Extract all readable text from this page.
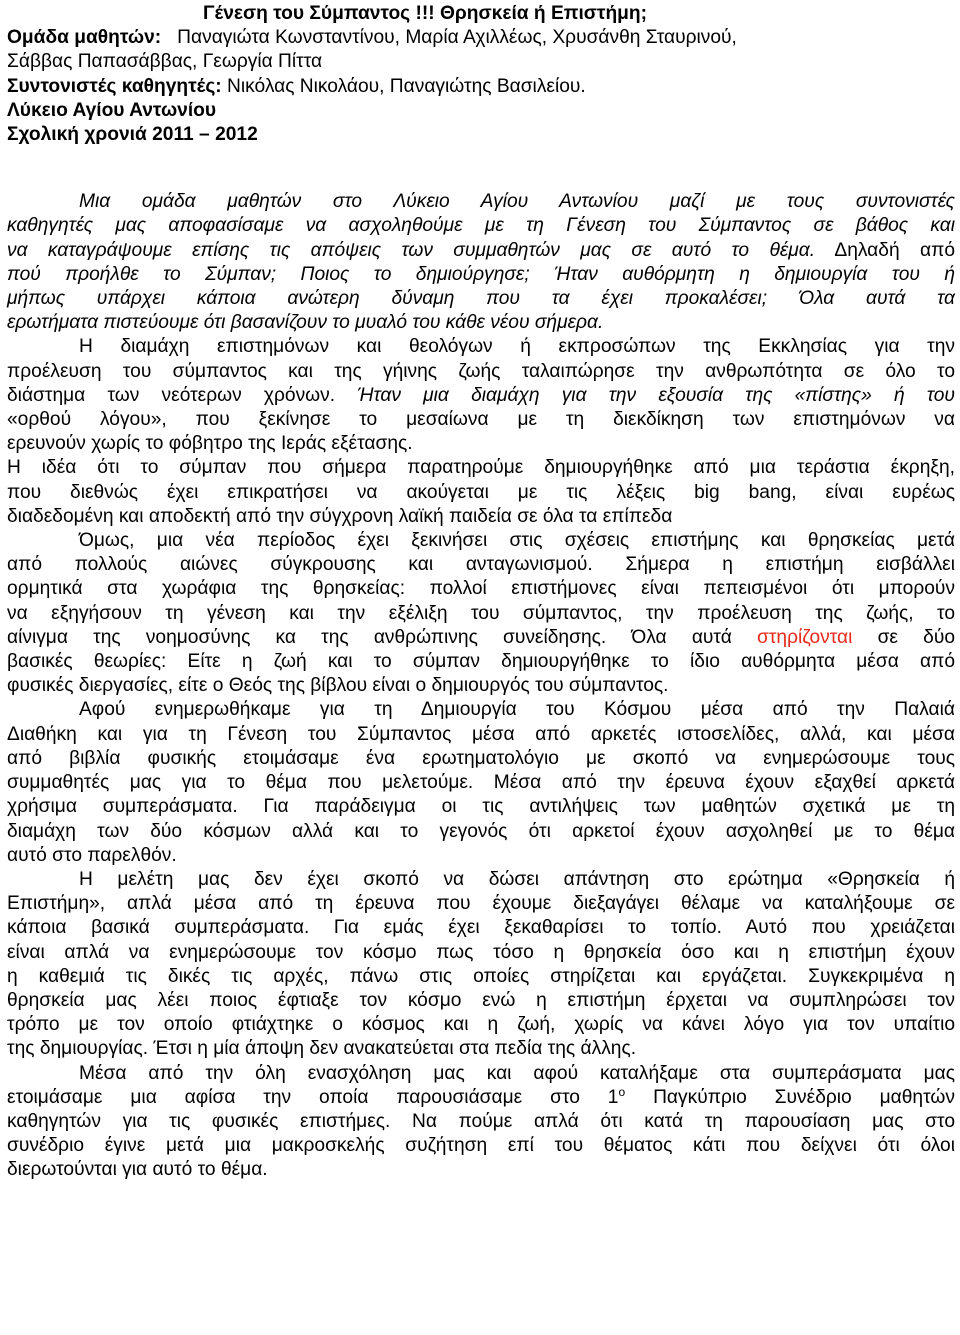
Γένεση του Σύμπαντος !!! Θρησκεία ή Επιστήμη;

Ομάδα μαθητών: Παναγιώτα Κωνσταντίνου, Μαρία Αχιλλέως, Χρυσάνθη Σταυρινού,

Σάββας Παπασάββας, Γεωργία Πίττα

Συντονιστές καθηγητές: Νικόλας Νικολάου, Παναγιώτης Βασιλείου.

Λύκειο Αγίου Αντωνίου

Σχολική χρονιά 2011 – 2012

Μια ομάδα μαθητών στο Λύκειο Αγίου Αντωνίου μαζί με τους συντονιστές

καθηγητές μας αποφασίσαμε να ασχοληθούμε με τη Γένεση του Σύμπαντος σε βάθος και

να καταγράψουμε επίσης τις απόψεις των συμμαθητών μας σε αυτό το θέμα. Δηλαδή από

πού προήλθε το Σύμπαν; Ποιος το δημιούργησε; Ήταν αυθόρμητη η δημιουργία του ή

μήπως υπάρχει κάποια ανώτερη δύναμη που τα έχει προκαλέσει; Όλα αυτά τα

ερωτήματα πιστεύουμε ότι βασανίζουν το μυαλό του κάθε νέου σήμερα.

Η διαμάχη επιστημόνων και θεολόγων ή εκπροσώπων της Εκκλησίας για την

προέλευση του σύμπαντος και της γήινης ζωής ταλαιπώρησε την ανθρωπότητα σε όλο το

διάστημα των νεότερων χρόνων. Ήταν μια διαμάχη για την εξουσία της «πίστης» ή του

«ορθού λόγου», που ξεκίνησε το μεσαίωνα με τη διεκδίκηση των επιστημόνων να

ερευνούν χωρίς το φόβητρο της Ιεράς εξέτασης.

Η ιδέα ότι το σύμπαν που σήμερα παρατηρούμε δημιουργήθηκε από μια τεράστια έκρηξη,

που διεθνώς έχει επικρατήσει να ακούγεται με τις λέξεις big bang, είναι ευρέως

διαδεδομένη και αποδεκτή από την σύγχρονη λαϊκή παιδεία σε όλα τα επίπεδα

Όμως, μια νέα περίοδος έχει ξεκινήσει στις σχέσεις επιστήμης και θρησκείας μετά

από πολλούς αιώνες σύγκρουσης και ανταγωνισμού. Σήμερα η επιστήμη εισβάλλει

ορμητικά στα χωράφια της θρησκείας: πολλοί επιστήμονες είναι πεπεισμένοι ότι μπορούν

να εξηγήσουν τη γένεση και την εξέλιξη του σύμπαντος, την προέλευση της ζωής, το

αίνιγμα της νοημοσύνης κα της ανθρώπινης συνείδησης. Όλα αυτά στηρίζονται σε δύο

βασικές θεωρίες: Είτε η ζωή και το σύμπαν δημιουργήθηκε το ίδιο αυθόρμητα μέσα από

φυσικές διεργασίες, είτε ο Θεός της βίβλου είναι ο δημιουργός του σύμπαντος.

Αφού ενημερωθήκαμε για τη Δημιουργία του Κόσμου μέσα από την Παλαιά

Διαθήκη και για τη Γένεση του Σύμπαντος μέσα από αρκετές ιστοσελίδες, αλλά, και μέσα

από βιβλία φυσικής ετοιμάσαμε ένα ερωτηματολόγιο με σκοπό να ενημερώσουμε τους

συμμαθητές μας για το θέμα που μελετούμε. Μέσα από την έρευνα έχουν εξαχθεί αρκετά

χρήσιμα συμπεράσματα. Για παράδειγμα οι τις αντιλήψεις των μαθητών σχετικά με τη

διαμάχη των δύο κόσμων αλλά και το γεγονός ότι αρκετοί έχουν ασχοληθεί με το θέμα

αυτό στο παρελθόν.

Η μελέτη μας δεν έχει σκοπό να δώσει απάντηση στο ερώτημα «Θρησκεία ή

Επιστήμη», απλά μέσα από τη έρευνα που έχουμε διεξαγάγει θέλαμε να καταλήξουμε σε

κάποια βασικά συμπεράσματα. Για εμάς έχει ξεκαθαρίσει το τοπίο. Αυτό που χρειάζεται

είναι απλά να ενημερώσουμε τον κόσμο πως τόσο η θρησκεία όσο και η επιστήμη έχουν

η καθεμιά τις δικές τις αρχές, πάνω στις οποίες στηρίζεται και εργάζεται. Συγκεκριμένα η

θρησκεία μας λέει ποιος έφτιαξε τον κόσμο ενώ η επιστήμη έρχεται να συμπληρώσει τον

τρόπο με τον οποίο φτιάχτηκε ο κόσμος και η ζωή, χωρίς να κάνει λόγο για τον υπαίτιο

της δημιουργίας. Έτσι η μία άποψη δεν ανακατεύεται στα πεδία της άλλης.

Μέσα από την όλη ενασχόληση μας και αφού καταλήξαμε στα συμπεράσματα μας

ετοιμάσαμε μια αφίσα την οποία παρουσιάσαμε στο $1^o$ Παγκύπριο Συνέδριο μαθητών

καθηγητών για τις φυσικές επιστήμες. Να πούμε απλά ότι κατά τη παρουσίαση μας στο

συνέδριο έγινε μετά μια μακροσκελής συζήτηση επί του θέματος κάτι που δείχνει ότι όλοι

διερωτούνται για αυτό το θέμα.
